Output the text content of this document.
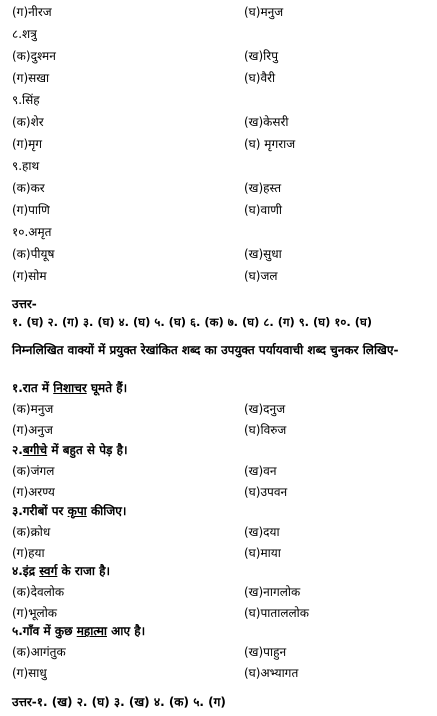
(ग)नीरज	(घ)मनुज
८.शत्रु
(क)दुश्मन	(ख)रिपु
(ग)सखा	(घ)वैरी
९.सिंह
(क)शेर	(ख)केसरी
(ग)मृग	(घ) मृगराज
९.हाथ
(क)कर	(ख)हस्त
(ग)पाणि	(घ)वाणी
१०.अमृत
(क)पीयूष	(ख)सुधा
(ग)सोम	(घ)जल
उत्तर-
१. (घ) २. (ग) ३. (घ) ४. (घ) ५. (घ) ६. (क) ७. (घ) ८. (ग) ९. (घ) १०. (घ)
निम्नलिखित वाक्यों में प्रयुक्त रेखांकित शब्द का उपयुक्त पर्यायवाची शब्द चुनकर लिखिए-
१.रात में निशाचर घूमते हैं।
(क)मनुज	(ख)दनुज
(ग)अनुज	(घ)विरुज
२.बगीचे में बहुत से पेड़ है।
(क)जंगल	(ख)वन
(ग)अरण्य	(घ)उपवन
३.गरीबों पर कृपा कीजिए।
(क)क्रोध	(ख)दया
(ग)हया	(घ)माया
४.इंद्र स्वर्ग के राजा है।
(क)देवलोक	(ख)नागलोक
(ग)भूलोक	(घ)पाताललोक
५.गाँव में कुछ महात्मा आए है।
(क)आगंतुक	(ख)पाहुन
(ग)साधु	(घ)अभ्यागत
उत्तर-१. (ख) २. (घ) ३. (ख) ४. (क) ५. (ग)
